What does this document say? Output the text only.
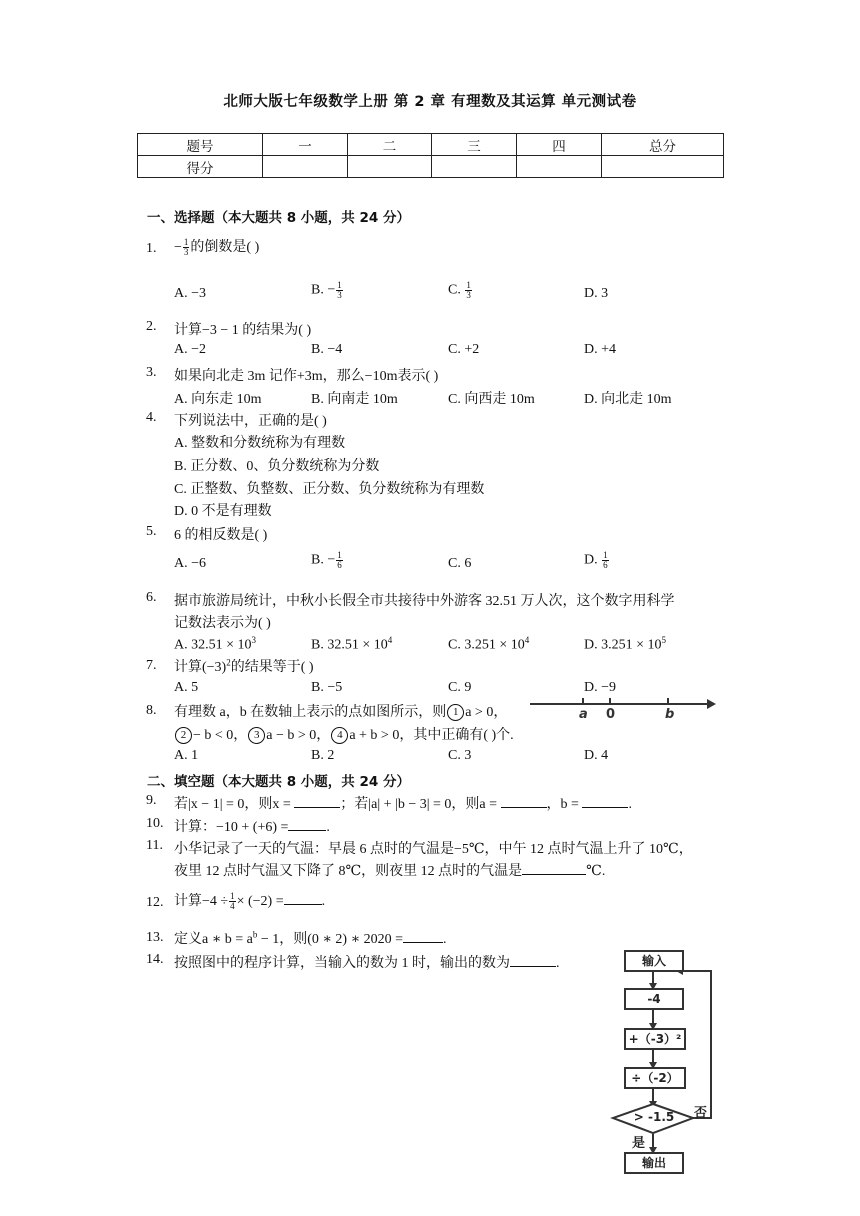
北师大版七年级数学上册 第 2 章 有理数及其运算 单元测试卷
题号	一	二	三	四	总分
得分					
一、选择题（本大题共 8 小题，共 24 分）
1. − $\frac{1}{3}$ 的倒数是( )
A. −3	B. − $\frac{1}{3}$	C. $\frac{1}{3}$	D. 3
2. 计算−3 − 1 的结果为( )
A. −2	B. −4	C. +2	D. +4
3. 如果向北走 3m 记作+3m，那么−10m表示( )
A. 向东走 10m	B. 向南走 10m	C. 向西走 10m	D. 向北走 10m
4. 下列说法中，正确的是( )
A. 整数和分数统称为有理数
B. 正分数、0、负分数统称为分数
C. 正整数、负整数、正分数、负分数统称为有理数
D. 0 不是有理数
5. 6 的相反数是( )
A. −6	B. − $\frac{1}{6}$	C. 6	D. $\frac{1}{6}$
6. 据市旅游局统计，中秋小长假全市共接待中外游客 32.51 万人次，这个数字用科学
记数法表示为( )
A. $32.51 \times 10^3$	B. $32.51 \times 10^4$	C. $3.251 \times 10^4$	D. $3.251 \times 10^5$
7. 计算$(-3)^2$的结果等于( )
A. 5	B. −5	C. 9	D. −9
8. 有理数 a，b 在数轴上表示的点如图所示，则 1 a > 0，
2 − b < 0， 3 a − b > 0， 4 a + b > 0，其中正确有( )个.
A. 1	B. 2	C. 3	D. 4
a 0	b
二、填空题（本大题共 8 小题，共 24 分）
9. 若|x − 1| = 0，则x =	；若|a| + |b − 3| = 0，则a =	，b =	.
10. 计算：−10 + (+6) =	.
11. 小华记录了一天的气温：早晨 6 点时的气温是−5℃，中午 12 点时气温上升了 10℃，
夜里 12 点时气温又下降了 8℃，则夜里 12 点时的气温是	℃.
12. 计算$-4 \div \frac{1}{4} \times (-2)$ =	.
13. 定义a ∗ $b = a^b - 1$，则(0 ∗ 2) ∗ 2020 =	.
14. 按照图中的程序计算，当输入的数为 1 时，输出的数为	.	输入
-4
+（-3）²
÷（-2）
> -1.5	否
是
输出
